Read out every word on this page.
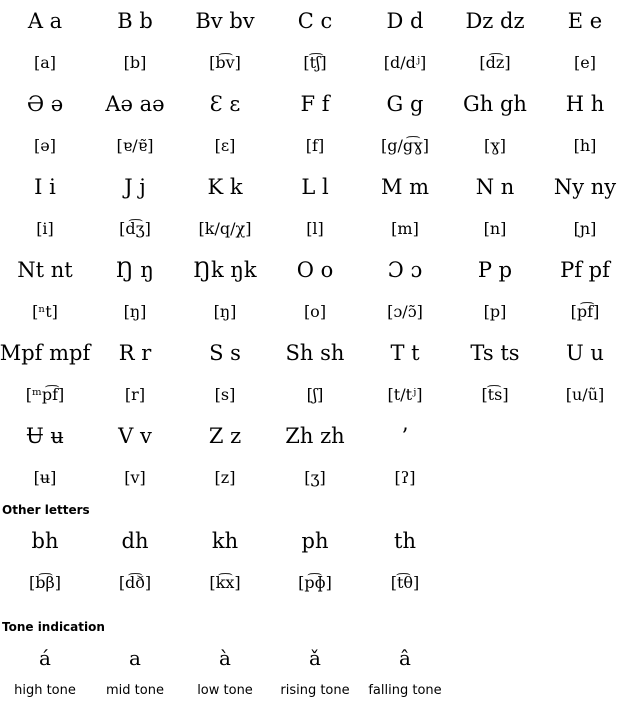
A a	B b	Bv bv	C c	D d	Dz dz	E e
[a]	[b]	[b͡v]	[t͡ʃ]	[d/dʲ]	[d͡z]	[e]
Ə ə	Aə aə	Ɛ ɛ	F f	G g	Gh gh	H h
[ə]	[ɐ/ɐ̃]	[ɛ]	[f]	[g/g͡ɣ]	[ɣ]	[h]
I i	J j	K k	L l	M m	N n	Ny ny
[i]	[d͡ʒ]	[k/q/χ]	[l]	[m]	[n]	[ɲ]
Nt nt	Ŋ ŋ	Ŋk ŋk	O o	Ɔ ɔ	P p	Pf pf
[ⁿt]	[ŋ]	[ŋ]	[o]	[ɔ/ɔ̃]	[p]	[p͡f]
Mpf mpf	R r	S s	Sh sh	T t	Ts ts	U u
[ᵐp͡f]	[r]	[s]	[ʃ]	[t/tʲ]	[t͡s]	[u/ũ]
Ʉ ʉ	V v	Z z	Zh zh	’
[ʉ]	[v]	[z]	[ʒ]	[ʔ]
Other letters
bh	dh	kh	ph	th
[b͡β]	[d͡ð]	[k͡x]	[p͡ɸ]	[t͡θ]
Tone indication
á	a	à	ǎ	â
high tone	mid tone	low tone	rising tone	falling tone
